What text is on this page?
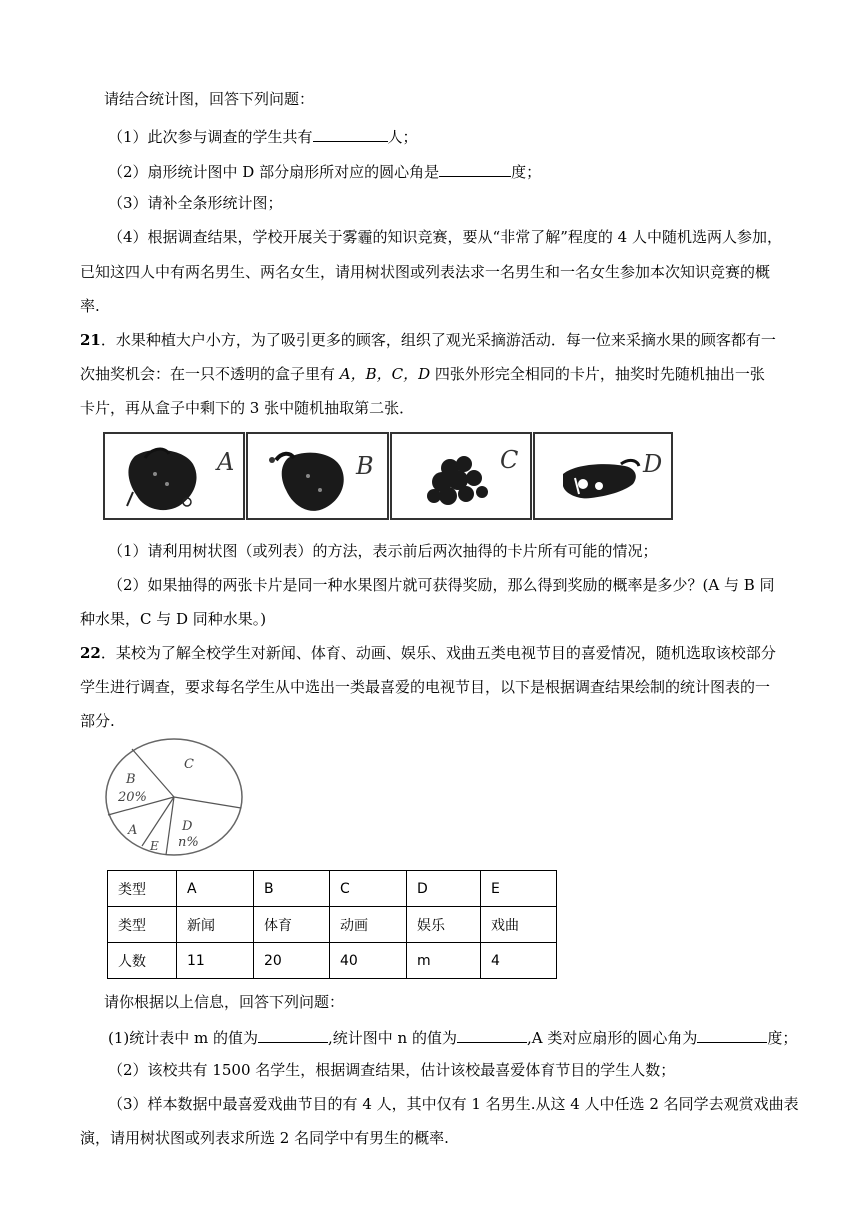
请结合统计图，回答下列问题：
（1）此次参与调查的学生共有	人；
（2）扇形统计图中 D 部分扇形所对应的圆心角是	度；
（3）请补全条形统计图；
（4）根据调查结果，学校开展关于雾霾的知识竞赛，要从“非常了解”程度的 4 人中随机选两人参加，
已知这四人中有两名男生、两名女生，请用树状图或列表法求一名男生和一名女生参加本次知识竞赛的概
率.
21．水果种植大户小方，为了吸引更多的顾客，组织了观光采摘游活动．每一位来采摘水果的顾客都有一
次抽奖机会：在一只不透明的盒子里有 A，B，C，D 四张外形完全相同的卡片，抽奖时先随机抽出一张
卡片，再从盒子中剩下的 3 张中随机抽取第二张．
A	B	C	D
（1）请利用树状图（或列表）的方法，表示前后两次抽得的卡片所有可能的情况；
（2）如果抽得的两张卡片是同一种水果图片就可获得奖励，那么得到奖励的概率是多少？(A 与 B 同
种水果，C 与 D 同种水果。)
22．某校为了解全校学生对新闻、体育、动画、娱乐、戏曲五类电视节目的喜爱情况，随机选取该校部分
学生进行调查，要求每名学生从中选出一类最喜爱的电视节目，以下是根据调查结果绘制的统计图表的一
部分.
C
B
20%
A
E
D
n%
类型	A	B	C	D	E
类型	新闻	体育	动画	娱乐	戏曲
人数	11	20	40	m	4
请你根据以上信息，回答下列问题：
(1)统计表中 m 的值为	,统计图中 n 的值为	,A 类对应扇形的圆心角为	度；
（2）该校共有 1500 名学生，根据调查结果，估计该校最喜爱体育节目的学生人数；
（3）样本数据中最喜爱戏曲节目的有 4 人，其中仅有 1 名男生.从这 4 人中任选 2 名同学去观赏戏曲表
演，请用树状图或列表求所选 2 名同学中有男生的概率.
